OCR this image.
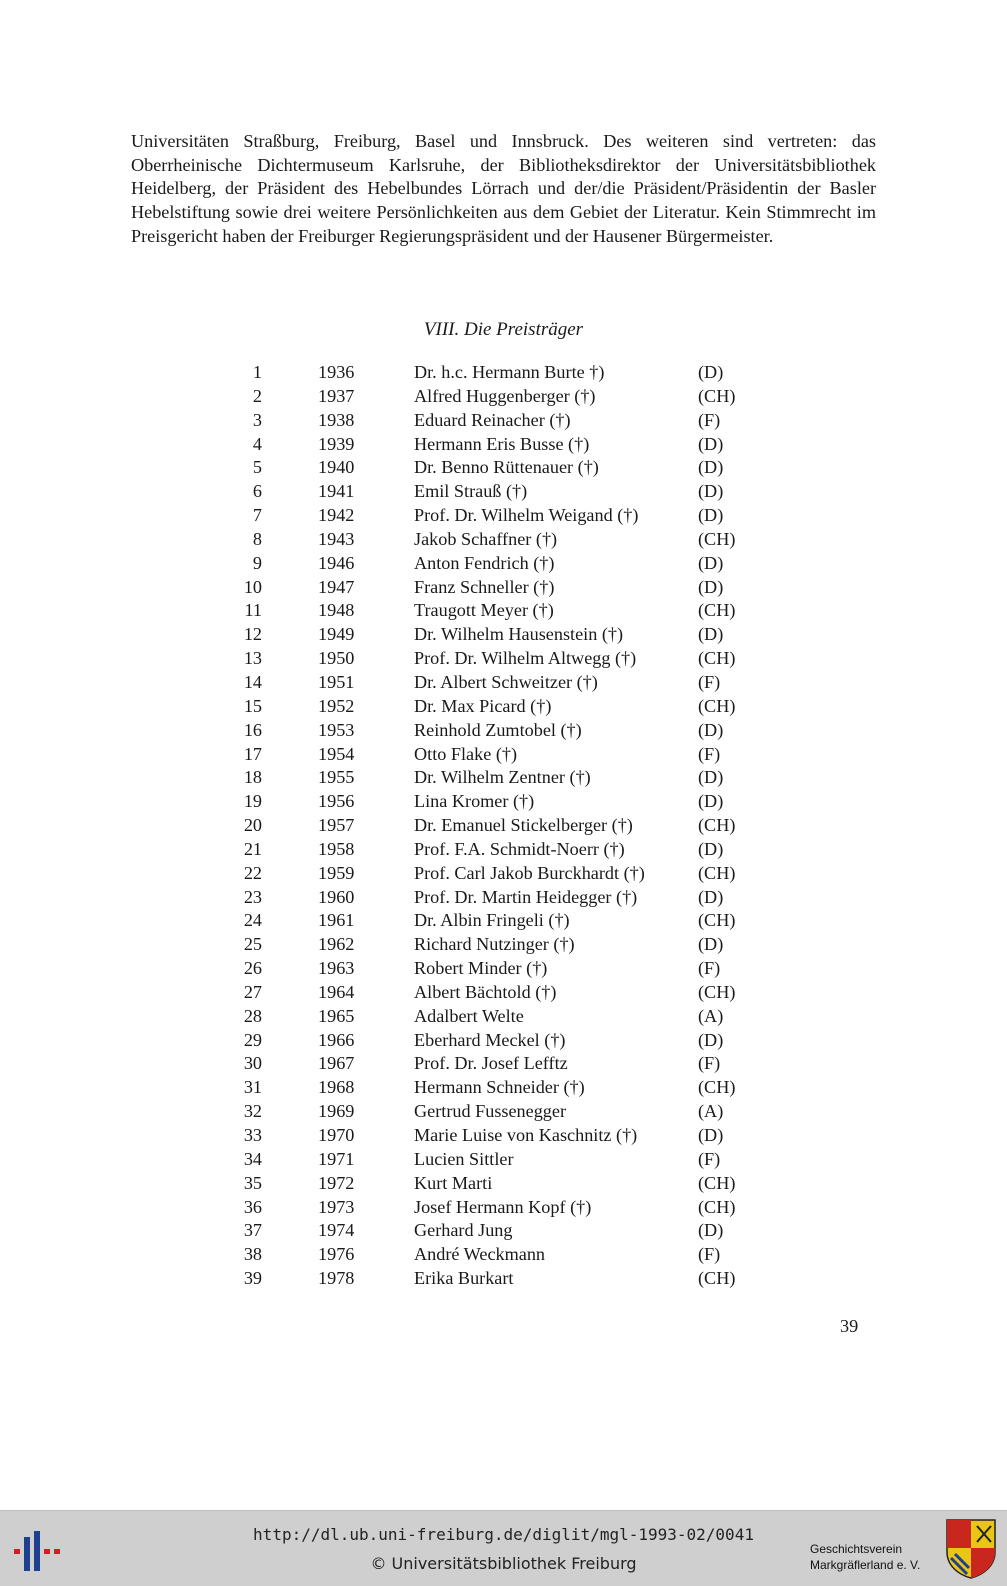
Universitäten Straßburg, Freiburg, Basel und Innsbruck. Des weiteren sind vertreten: das Oberrheinische Dichtermuseum Karlsruhe, der Bibliotheksdirektor der Universitätsbibliothek Heidelberg, der Präsident des Hebelbundes Lörrach und der/die Präsident/Präsidentin der Basler Hebelstiftung sowie drei weitere Persönlichkeiten aus dem Gebiet der Literatur. Kein Stimmrecht im Preisgericht haben der Freiburger Regierungspräsident und der Hausener Bürgermeister.

VIII. Die Preisträger
1	1936	Dr. h.c. Hermann Burte †)	(D)
2	1937	Alfred Huggenberger (†)	(CH)
3	1938	Eduard Reinacher (†)	(F)
4	1939	Hermann Eris Busse (†)	(D)
5	1940	Dr. Benno Rüttenauer (†)	(D)
6	1941	Emil Strauß (†)	(D)
7	1942	Prof. Dr. Wilhelm Weigand (†)	(D)
8	1943	Jakob Schaffner (†)	(CH)
9	1946	Anton Fendrich (†)	(D)
10	1947	Franz Schneller (†)	(D)
11	1948	Traugott Meyer (†)	(CH)
12	1949	Dr. Wilhelm Hausenstein (†)	(D)
13	1950	Prof. Dr. Wilhelm Altwegg (†)	(CH)
14	1951	Dr. Albert Schweitzer (†)	(F)
15	1952	Dr. Max Picard (†)	(CH)
16	1953	Reinhold Zumtobel (†)	(D)
17	1954	Otto Flake (†)	(F)
18	1955	Dr. Wilhelm Zentner (†)	(D)
19	1956	Lina Kromer (†)	(D)
20	1957	Dr. Emanuel Stickelberger (†)	(CH)
21	1958	Prof. F.A. Schmidt-Noerr (†)	(D)
22	1959	Prof. Carl Jakob Burckhardt (†)	(CH)
23	1960	Prof. Dr. Martin Heidegger (†)	(D)
24	1961	Dr. Albin Fringeli (†)	(CH)
25	1962	Richard Nutzinger (†)	(D)
26	1963	Robert Minder (†)	(F)
27	1964	Albert Bächtold (†)	(CH)
28	1965	Adalbert Welte	(A)
29	1966	Eberhard Meckel (†)	(D)
30	1967	Prof. Dr. Josef Lefftz	(F)
31	1968	Hermann Schneider (†)	(CH)
32	1969	Gertrud Fussenegger	(A)
33	1970	Marie Luise von Kaschnitz (†)	(D)
34	1971	Lucien Sittler	(F)
35	1972	Kurt Marti	(CH)
36	1973	Josef Hermann Kopf (†)	(CH)
37	1974	Gerhard Jung	(D)
38	1976	André Weckmann	(F)
39	1978	Erika Burkart	(CH)
39
http://dl.ub.uni-freiburg.de/diglit/mgl-1993-02/0041
© Universitätsbibliothek Freiburg
Geschichtsverein
Markgräflerland e. V.
